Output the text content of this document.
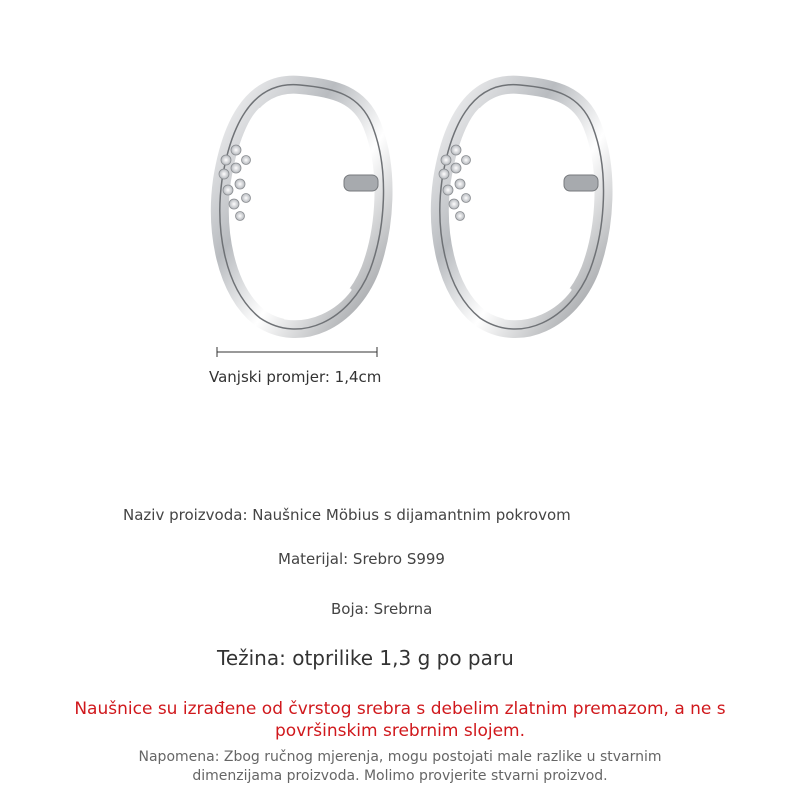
Vanjski promjer: 1,4cm
Naziv proizvoda: Naušnice Möbius s dijamantnim pokrovom
Materijal: Srebro S999
Boja: Srebrna
Težina: otprilike 1,3 g po paru
Naušnice su izrađene od čvrstog srebra s debelim zlatnim premazom, a ne s površinskim srebrnim slojem.
Napomena: Zbog ručnog mjerenja, mogu postojati male razlike u stvarnim dimenzijama proizvoda. Molimo provjerite stvarni proizvod.
